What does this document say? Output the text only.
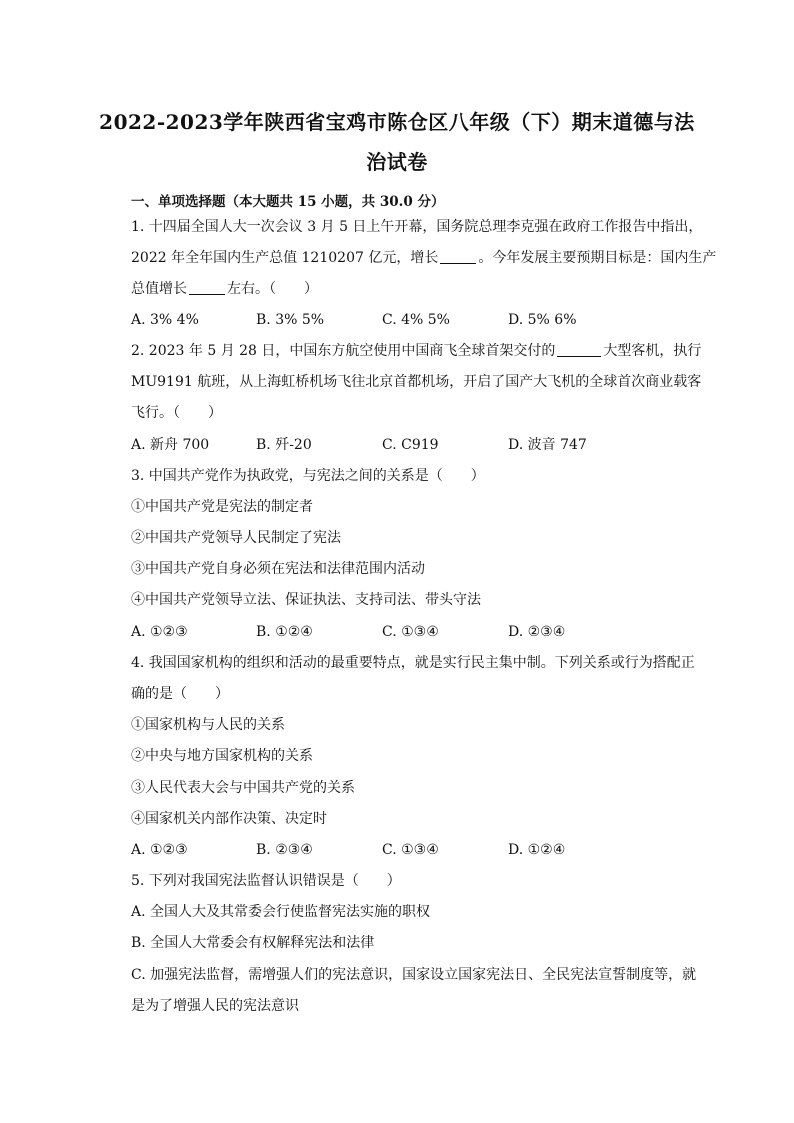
2022-2023学年陕西省宝鸡市陈仓区八年级（下）期末道德与法
治试卷
一、单项选择题（本大题共 15 小题，共 30.0 分）
1. 十四届全国人大一次会议 3 月 5 日上午开幕，国务院总理李克强在政府工作报告中指出，
2022 年全年国内生产总值 1210207 亿元，增长	。今年发展主要预期目标是：国内生产
总值增长	左右。（　　）
A. 3% 4%	B. 3% 5%	C. 4% 5%	D. 5% 6%
2. 2023 年 5 月 28 日，中国东方航空使用中国商飞全球首架交付的	大型客机，执行
MU9191 航班，从上海虹桥机场飞往北京首都机场，开启了国产大飞机的全球首次商业载客
飞行。（　　）
A. 新舟 700	B. 歼-20	C. C919	D. 波音 747
3. 中国共产党作为执政党，与宪法之间的关系是（　　）
①中国共产党是宪法的制定者
②中国共产党领导人民制定了宪法
③中国共产党自身必须在宪法和法律范围内活动
④中国共产党领导立法、保证执法、支持司法、带头守法
A. ①②③	B. ①②④	C. ①③④	D. ②③④
4. 我国国家机构的组织和活动的最重要特点，就是实行民主集中制。下列关系或行为搭配正
确的是（　　）
①国家机构与人民的关系
②中央与地方国家机构的关系
③人民代表大会与中国共产党的关系
④国家机关内部作决策、决定时
A. ①②③	B. ②③④	C. ①③④	D. ①②④
5. 下列对我国宪法监督认识错误是（　　）
A. 全国人大及其常委会行使监督宪法实施的职权
B. 全国人大常委会有权解释宪法和法律
C. 加强宪法监督，需增强人们的宪法意识，国家设立国家宪法日、全民宪法宣誓制度等，就
是为了增强人民的宪法意识
